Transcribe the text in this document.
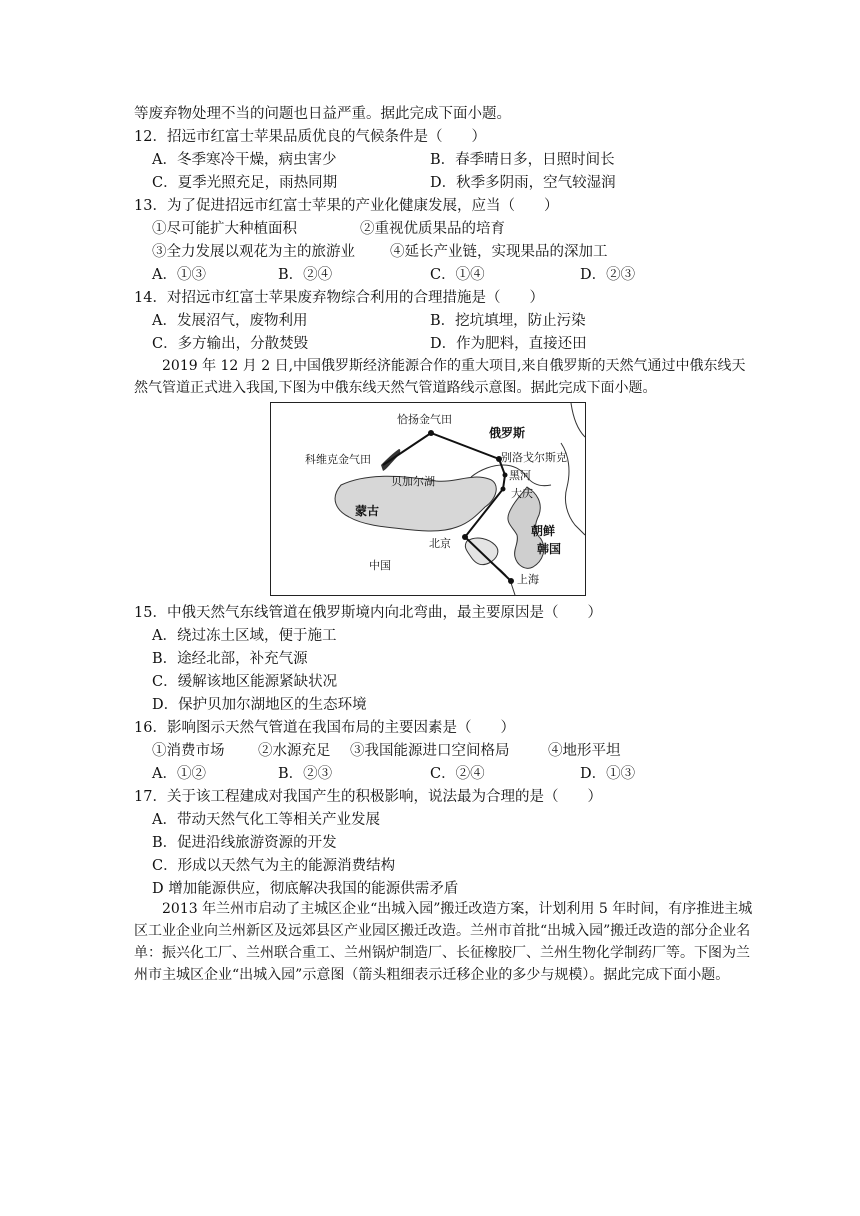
等废弃物处理不当的问题也日益严重。据此完成下面小题。
12．招远市红富士苹果品质优良的气候条件是（　　）
A．冬季寒冷干燥，病虫害少	B．春季晴日多，日照时间长
C．夏季光照充足，雨热同期	D．秋季多阴雨，空气较湿润
13．为了促进招远市红富士苹果的产业化健康发展，应当（　　）
①尽可能扩大种植面积	②重视优质果品的培育
③全力发展以观花为主的旅游业 ④延长产业链，实现果品的深加工
A．①③	B．②④	C．①④	D．②③
14．对招远市红富士苹果废弃物综合利用的合理措施是（　　）
A．发展沼气，废物利用	B．挖坑填埋，防止污染
C．多方输出，分散焚毁	D．作为肥料，直接还田
2019 年 12 月 2 日,中国俄罗斯经济能源合作的重大项目,来自俄罗斯的天然气通过中俄东线天然气管道正式进入我国,下图为中俄东线天然气管道路线示意图。据此完成下面小题。
恰扬金气田
俄罗斯
科维克金气田	别洛戈尔斯克
贝加尔湖	黑河
大庆
蒙古
朝鲜
韩国
北京
中国
上海
15．中俄天然气东线管道在俄罗斯境内向北弯曲，最主要原因是（　　）
A．绕过冻土区域，便于施工
B．途经北部，补充气源
C．缓解该地区能源紧缺状况
D．保护贝加尔湖地区的生态环境
16．影响图示天然气管道在我国布局的主要因素是（　　）
①消费市场 ②水源充足 ③我国能源进口空间格局	④地形平坦
A．①②	B．②③	C．②④	D．①③
17．关于该工程建成对我国产生的积极影响，说法最为合理的是（　　）
A．带动天然气化工等相关产业发展
B．促进沿线旅游资源的开发
C．形成以天然气为主的能源消费结构
D 增加能源供应，彻底解决我国的能源供需矛盾
2013 年兰州市启动了主城区企业“出城入园”搬迁改造方案，计划利用 5 年时间，有序推进主城区工业企业向兰州新区及远郊县区产业园区搬迁改造。兰州市首批“出城入园”搬迁改造的部分企业名单：振兴化工厂、兰州联合重工、兰州锅炉制造厂、长征橡胶厂、兰州生物化学制药厂等。下图为兰州市主城区企业“出城入园”示意图（箭头粗细表示迁移企业的多少与规模）。据此完成下面小题。
